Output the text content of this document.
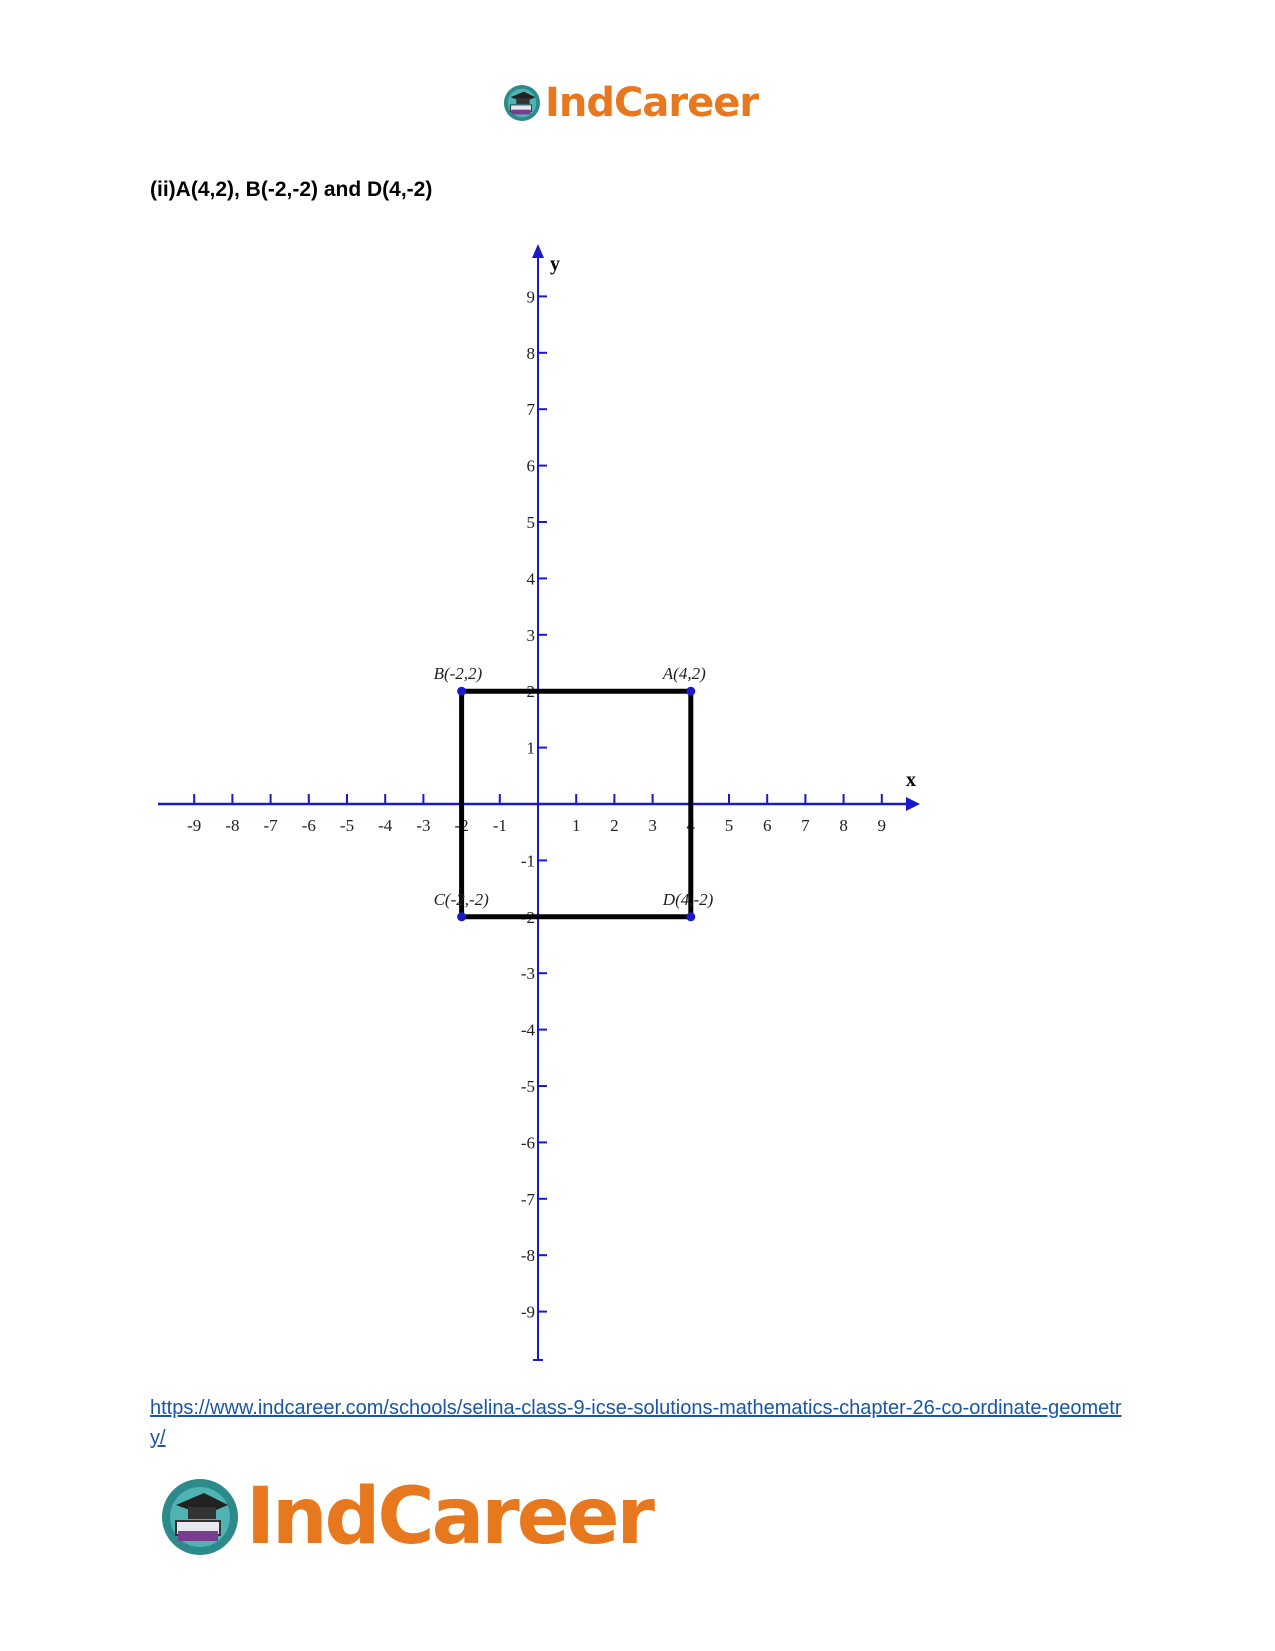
IndCareer
(ii)A(4,2), B(-2,-2) and D(4,-2)
x
y
-9 -8 -7 -6 -5 -4 -3 -2 -1	1 2 3 4 5 6 7 8 9
9
8
7
6
5
4
3
2
1
-1
-2
-3
-4
-5
-6
-7
-8
-9
A(4,2)
B(-2,2)
C(-2,-2)	D(4,-2)
https://www.indcareer.com/schools/selina-class-9-icse-solutions-mathematics-chapter-26-co-ordinate-geometry/
IndCareer
